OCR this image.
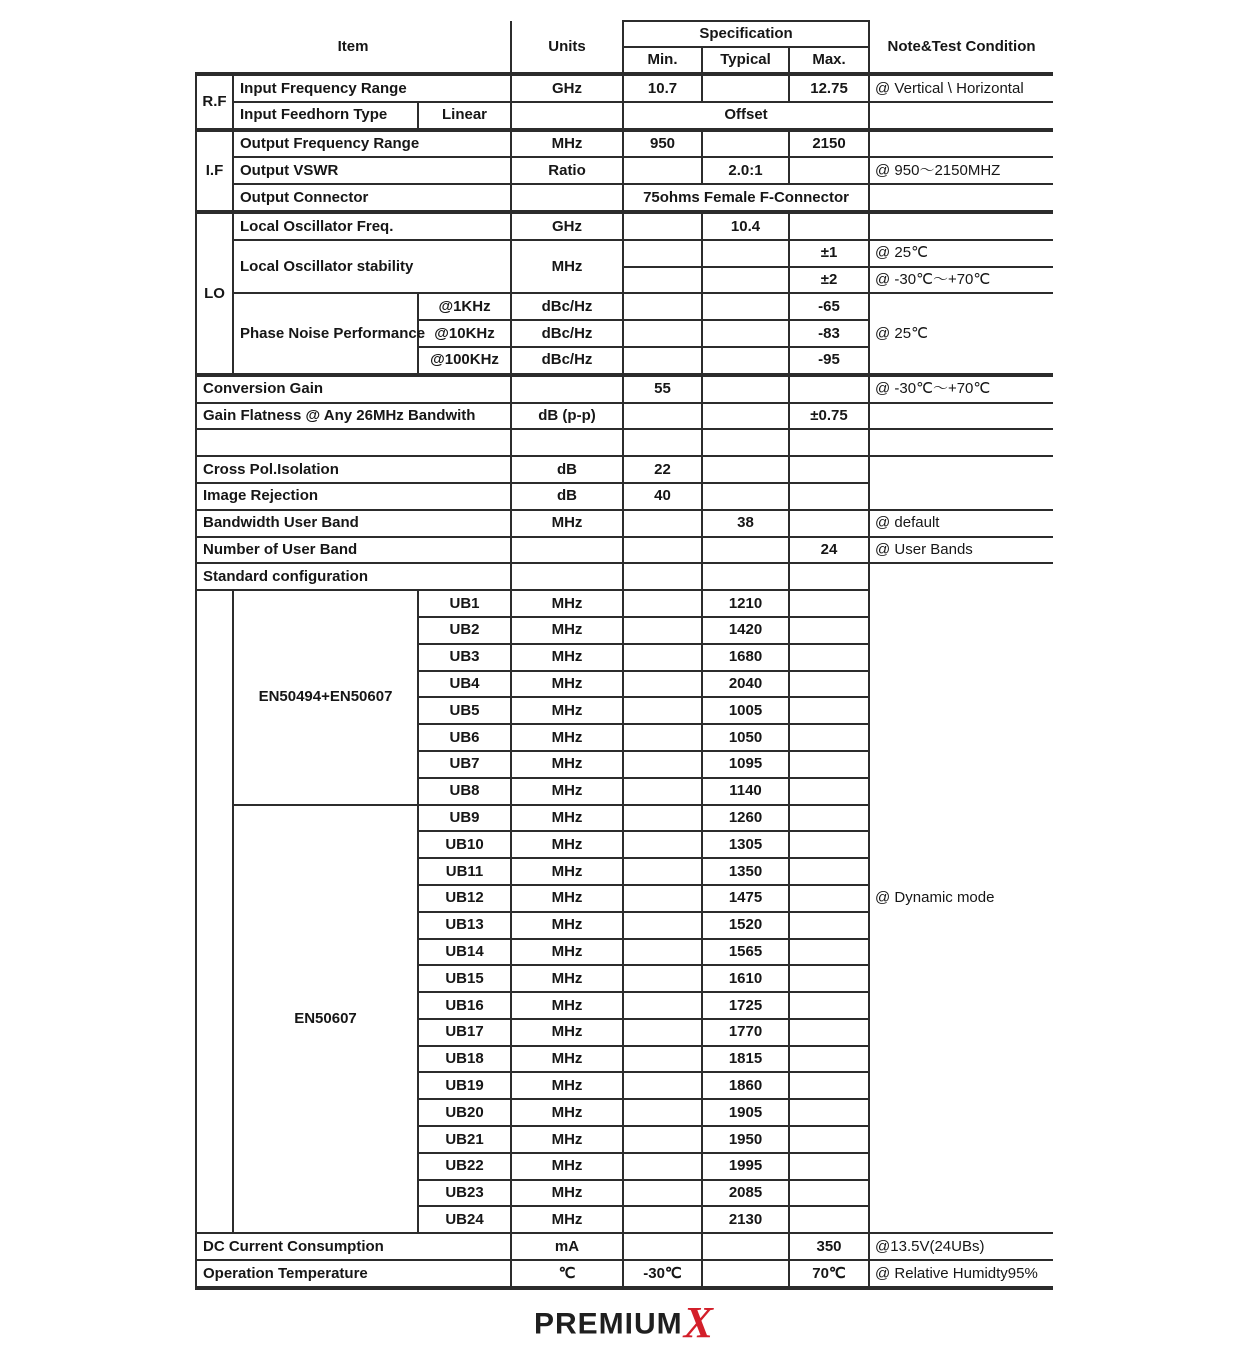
Item			Units	Specification			Note&Test Condition
				Min.	Typical	Max.	
R.F	Input Frequency Range		GHz	10.7		12.75	@ Vertical \ Horizontal
	Input Feedhorn Type	Linear		Offset			
I.F	Output Frequency Range		MHz	950		2150	
	Output VSWR		Ratio		2.0:1		@ 950～2150MHZ
	Output Connector			75ohms Female F-Connector			
LO	Local Oscillator Freq.		GHz		10.4		
	Local Oscillator stability		MHz			±1	@ 25℃
						±2	@ -30℃～+70℃
	Phase Noise Performance	@1KHz	dBc/Hz			-65	@ 25℃
		@10KHz	dBc/Hz			-83	
		@100KHz	dBc/Hz			-95	
Conversion Gain				55			@ -30℃～+70℃
Gain Flatness @ Any 26MHz Bandwith			dB (p-p)			±0.75	

Cross Pol.Isolation			dB	22			
Image Rejection			dB	40			
Bandwidth User Band			MHz		38		@ default
Number of User Band						24	@ User Bands
Standard configuration							@ Dynamic mode
	EN50494+EN50607	UB1	MHz		1210		
		UB2	MHz		1420		
		UB3	MHz		1680		
		UB4	MHz		2040		
		UB5	MHz		1005		
		UB6	MHz		1050		
		UB7	MHz		1095		
		UB8	MHz		1140		
	EN50607	UB9	MHz		1260		
		UB10	MHz		1305		
		UB11	MHz		1350		
		UB12	MHz		1475		
		UB13	MHz		1520		
		UB14	MHz		1565		
		UB15	MHz		1610		
		UB16	MHz		1725		
		UB17	MHz		1770		
		UB18	MHz		1815		
		UB19	MHz		1860		
		UB20	MHz		1905		
		UB21	MHz		1950		
		UB22	MHz		1995		
		UB23	MHz		2085		
		UB24	MHz		2130		
DC Current Consumption			mA			350	@13.5V(24UBs)
Operation Temperature			℃	-30℃		70℃	@ Relative Humidty95%
PREMIUMX
